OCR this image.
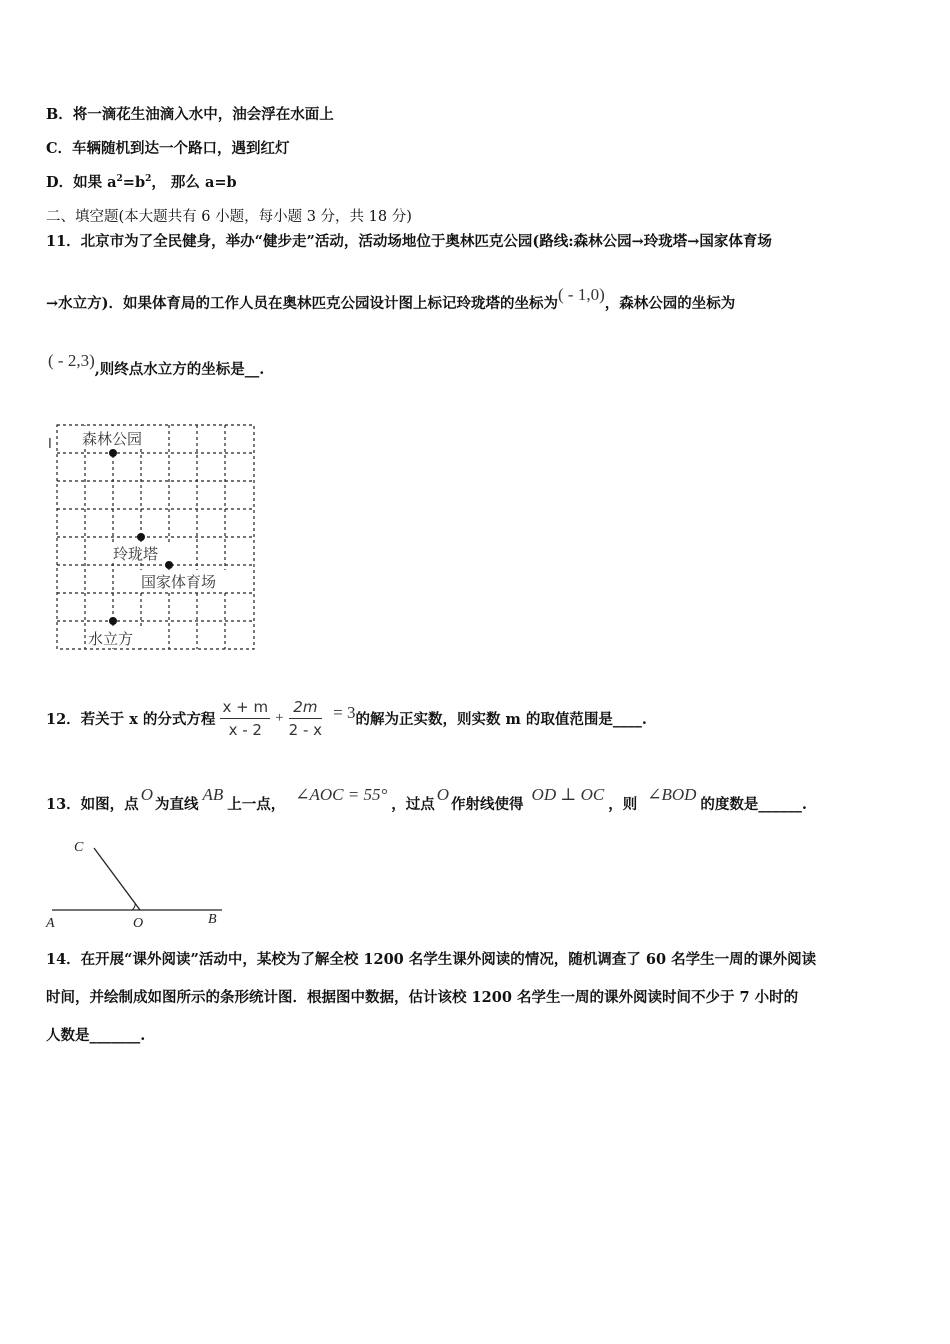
B．将一滴花生油滴入水中，油会浮在水面上
C．车辆随机到达一个路口，遇到红灯
D．如果 $a^2=b^2$， 那么 a=b
二、填空题(本大题共有 6 小题，每小题 3 分，共 18 分)
11．北京市为了全民健身，举办“健步走”活动，活动场地位于奥林匹克公园(路线:森林公园→玲珑塔→国家体育场
→水立方)．如果体育局的工作人员在奥林匹克公园设计图上标记玲珑塔的坐标为( - 1,0)，森林公园的坐标为
( - 2,3),则终点水立方的坐标是__.
I 森林公园
玲珑塔
国家体育场
水立方
12．若关于 x 的分式方程 $\frac{x + m}{x - 2} + \frac{2m}{2 - x} = 3$的解为正实数，则实数 m 的取值范围是____.
13．如图，点O为直线AB上一点，∠AOC = 55°，过点O作射线使得OD ⊥ OC，则∠BOD的度数是______.
C
A	O	B
14．在开展“课外阅读”活动中，某校为了解全校 1200 名学生课外阅读的情况，随机调查了 60 名学生一周的课外阅读
时间，并绘制成如图所示的条形统计图．根据图中数据，估计该校 1200 名学生一周的课外阅读时间不少于 7 小时的
人数是_______.
